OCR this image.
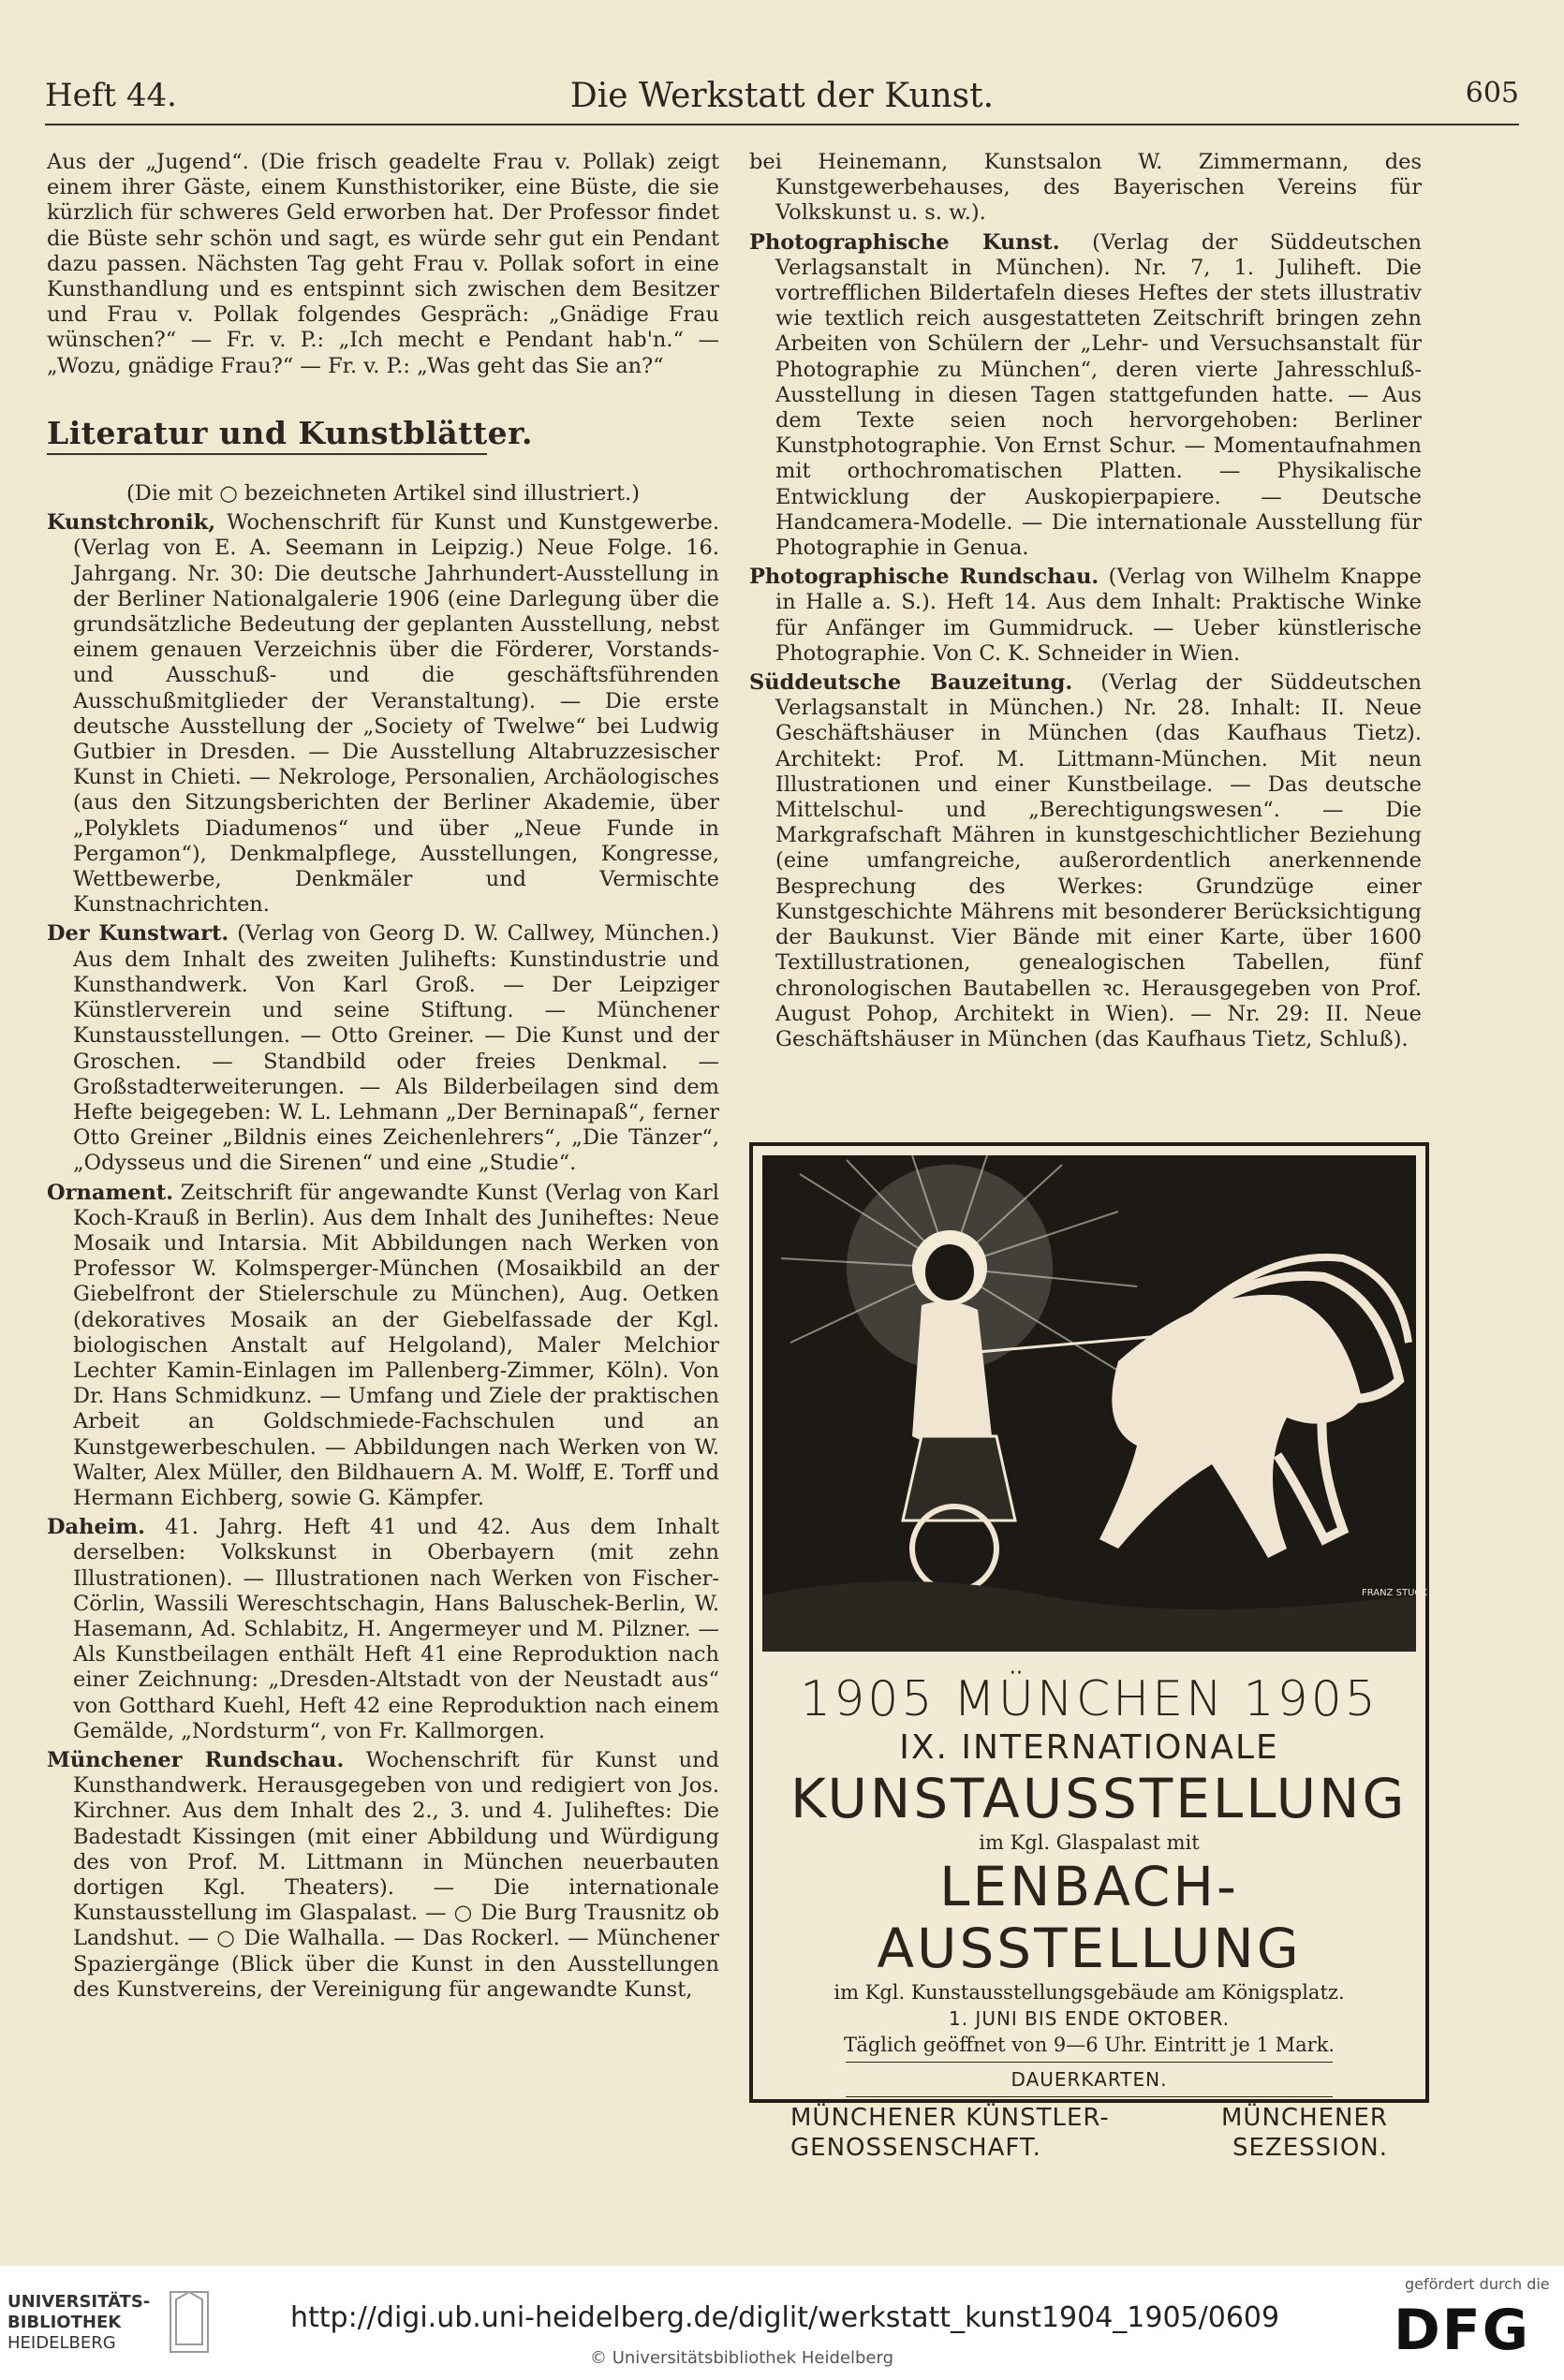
Heft 44.	Die Werkstatt der Kunst.	605

Aus der „Jugend“. (Die frisch geadelte Frau v. Pollak) zeigt einem ihrer Gäste, einem Kunsthistoriker, eine Büste, die sie kürzlich für schweres Geld erworben hat. Der Professor findet die Büste sehr schön und sagt, es würde sehr gut ein Pendant dazu passen. Nächsten Tag geht Frau v. Pollak sofort in eine Kunsthandlung und es entspinnt sich zwischen dem Besitzer und Frau v. Pollak folgendes Gespräch: „Gnädige Frau wünschen?“ — Fr. v. P.: „Ich mecht e Pendant hab'n.“ — „Wozu, gnädige Frau?“ — Fr. v. P.: „Was geht das Sie an?“

Literatur und Kunstblätter.

(Die mit ○ bezeichneten Artikel sind illustriert.)

Kunstchronik, Wochenschrift für Kunst und Kunstgewerbe. (Verlag von E. A. Seemann in Leipzig.) Neue Folge. 16. Jahrgang. Nr. 30: Die deutsche Jahrhundert-Ausstellung in der Berliner Nationalgalerie 1906 (eine Darlegung über die grundsätzliche Bedeutung der geplanten Ausstellung, nebst einem genauen Verzeichnis über die Förderer, Vorstands- und Ausschuß- und die geschäftsführenden Ausschußmitglieder der Veranstaltung). — Die erste deutsche Ausstellung der „Society of Twelwe“ bei Ludwig Gutbier in Dresden. — Die Ausstellung Altabruzzesischer Kunst in Chieti. — Nekrologe, Personalien, Archäologisches (aus den Sitzungsberichten der Berliner Akademie, über „Polyklets Diadumenos“ und über „Neue Funde in Pergamon“), Denkmalpflege, Ausstellungen, Kongresse, Wettbewerbe, Denkmäler und Vermischte Kunstnachrichten.

Der Kunstwart. (Verlag von Georg D. W. Callwey, München.) Aus dem Inhalt des zweiten Julihefts: Kunstindustrie und Kunsthandwerk. Von Karl Groß. — Der Leipziger Künstlerverein und seine Stiftung. — Münchener Kunstausstellungen. — Otto Greiner. — Die Kunst und der Groschen. — Standbild oder freies Denkmal. — Großstadterweiterungen. — Als Bilderbeilagen sind dem Hefte beigegeben: W. L. Lehmann „Der Berninapaß“, ferner Otto Greiner „Bildnis eines Zeichenlehrers“, „Die Tänzer“, „Odysseus und die Sirenen“ und eine „Studie“.

Ornament. Zeitschrift für angewandte Kunst (Verlag von Karl Koch-Krauß in Berlin). Aus dem Inhalt des Juniheftes: Neue Mosaik und Intarsia. Mit Abbildungen nach Werken von Professor W. Kolmsperger-München (Mosaikbild an der Giebelfront der Stielerschule zu München), Aug. Oetken (dekoratives Mosaik an der Giebelfassade der Kgl. biologischen Anstalt auf Helgoland), Maler Melchior Lechter Kamin-Einlagen im Pallenberg-Zimmer, Köln). Von Dr. Hans Schmidkunz. — Umfang und Ziele der praktischen Arbeit an Goldschmiede-Fachschulen und an Kunstgewerbeschulen. — Abbildungen nach Werken von W. Walter, Alex Müller, den Bildhauern A. M. Wolff, E. Torff und Hermann Eichberg, sowie G. Kämpfer.

Daheim. 41. Jahrg. Heft 41 und 42. Aus dem Inhalt derselben: Volkskunst in Oberbayern (mit zehn Illustrationen). — Illustrationen nach Werken von Fischer-Cörlin, Wassili Wereschtschagin, Hans Baluschek-Berlin, W. Hasemann, Ad. Schlabitz, H. Angermeyer und M. Pilzner. — Als Kunstbeilagen enthält Heft 41 eine Reproduktion nach einer Zeichnung: „Dresden-Altstadt von der Neustadt aus“ von Gotthard Kuehl, Heft 42 eine Reproduktion nach einem Gemälde, „Nordsturm“, von Fr. Kallmorgen.

Münchener Rundschau. Wochenschrift für Kunst und Kunsthandwerk. Herausgegeben von und redigiert von Jos. Kirchner. Aus dem Inhalt des 2., 3. und 4. Juliheftes: Die Badestadt Kissingen (mit einer Abbildung und Würdigung des von Prof. M. Littmann in München neuerbauten dortigen Kgl. Theaters). — Die internationale Kunstausstellung im Glaspalast. — ○ Die Burg Trausnitz ob Landshut. — ○ Die Walhalla. — Das Rockerl. — Münchener Spaziergänge (Blick über die Kunst in den Ausstellungen des Kunstvereins, der Vereinigung für angewandte Kunst,

bei Heinemann, Kunstsalon W. Zimmermann, des Kunstgewerbehauses, des Bayerischen Vereins für Volkskunst u. s. w.).

Photographische Kunst. (Verlag der Süddeutschen Verlagsanstalt in München). Nr. 7, 1. Juliheft. Die vortrefflichen Bildertafeln dieses Heftes der stets illustrativ wie textlich reich ausgestatteten Zeitschrift bringen zehn Arbeiten von Schülern der „Lehr- und Versuchsanstalt für Photographie zu München“, deren vierte Jahresschluß-Ausstellung in diesen Tagen stattgefunden hatte. — Aus dem Texte seien noch hervorgehoben: Berliner Kunstphotographie. Von Ernst Schur. — Momentaufnahmen mit orthochromatischen Platten. — Physikalische Entwicklung der Auskopierpapiere. — Deutsche Handcamera-Modelle. — Die internationale Ausstellung für Photographie in Genua.

Photographische Rundschau. (Verlag von Wilhelm Knappe in Halle a. S.). Heft 14. Aus dem Inhalt: Praktische Winke für Anfänger im Gummidruck. — Ueber künstlerische Photographie. Von C. K. Schneider in Wien.

Süddeutsche Bauzeitung. (Verlag der Süddeutschen Verlagsanstalt in München.) Nr. 28. Inhalt: II. Neue Geschäftshäuser in München (das Kaufhaus Tietz). Architekt: Prof. M. Littmann-München. Mit neun Illustrationen und einer Kunstbeilage. — Das deutsche Mittelschul- und „Berechtigungswesen“. — Die Markgrafschaft Mähren in kunstgeschichtlicher Beziehung (eine umfangreiche, außerordentlich anerkennende Besprechung des Werkes: Grundzüge einer Kunstgeschichte Mährens mit besonderer Berücksichtigung der Baukunst. Vier Bände mit einer Karte, über 1600 Textillustrationen, genealogischen Tabellen, fünf chronologischen Bautabellen ꝛc. Herausgegeben von Prof. August Pohop, Architekt in Wien). — Nr. 29: II. Neue Geschäftshäuser in München (das Kaufhaus Tietz, Schluß).

FRANZ STUCK
1905 MÜNCHEN 1905
IX. INTERNATIONALE
KUNSTAUSSTELLUNG
im Kgl. Glaspalast mit
LENBACH-AUSSTELLUNG
im Kgl. Kunstausstellungsgebäude am Königsplatz.
1. JUNI BIS ENDE OKTOBER.
Täglich geöffnet von 9—6 Uhr. Eintritt je 1 Mark.
DAUERKARTEN.
MÜNCHENER KÜNSTLER-
GENOSSENSCHAFT.
MÜNCHENER
SEZESSION.
UNIVERSITÄTS-
BIBLIOTHEK
HEIDELBERG
http://digi.ub.uni-heidelberg.de/diglit/werkstatt_kunst1904_1905/0609
© Universitätsbibliothek Heidelberg
gefördert durch die
DFG
